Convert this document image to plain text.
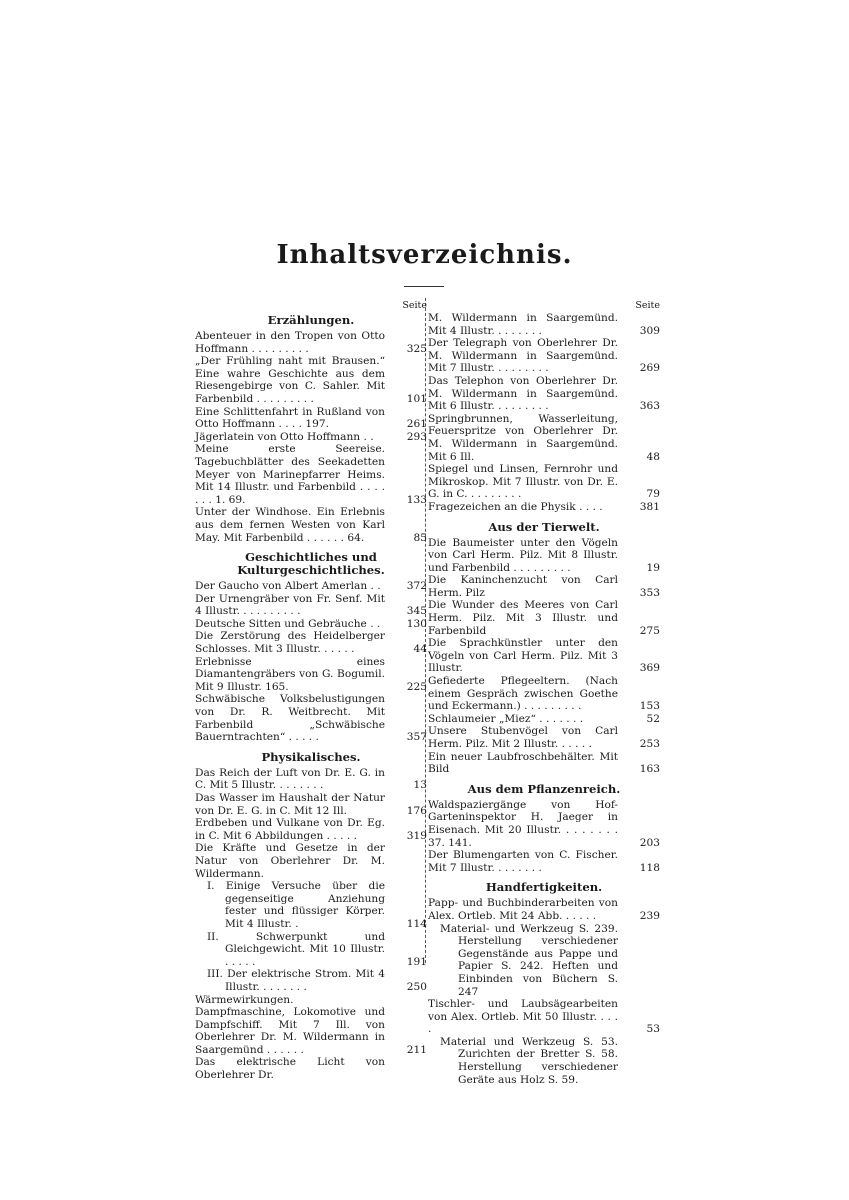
Inhaltsverzeichnis.
Seite
Erzählungen.
Abenteuer in den Tropen von Otto Hoffmann . . . . . . . . .	325
„Der Frühling naht mit Brausen.“ Eine wahre Geschichte aus dem Riesengebirge von C. Sahler. Mit Farbenbild . . . . . . . . .	101
Eine Schlittenfahrt in Rußland von Otto Hoffmann . . . . 197.	261
Jägerlatein von Otto Hoffmann . .	293
Meine erste Seereise. Tagebuchblätter des Seekadetten Meyer von Marinepfarrer Heims. Mit 14 Illustr. und Farbenbild . . . . . . . 1. 69.	133
Unter der Windhose. Ein Erlebnis aus dem fernen Westen von Karl May. Mit Farbenbild . . . . . . 64.	85
Geschichtliches und Kulturgeschichtliches.
Der Gaucho von Albert Amerlan . .	372
Der Urnengräber von Fr. Senf. Mit 4 Illustr. . . . . . . . . .	345
Deutsche Sitten und Gebräuche . .	130
Die Zerstörung des Heidelberger Schlosses. Mit 3 Illustr. . . . . .	44
Erlebnisse eines Diamantengräbers von G. Bogumil. Mit 9 Illustr. 165.	225
Schwäbische Volksbelustigungen von Dr. R. Weitbrecht. Mit Farbenbild „Schwäbische Bauerntrachten“ . . . . .	357
Physikalisches.
Das Reich der Luft von Dr. E. G. in C. Mit 5 Illustr. . . . . . . .	13
Das Wasser im Haushalt der Natur von Dr. E. G. in C. Mit 12 Ill.	176
Erdbeben und Vulkane von Dr. Eg. in C. Mit 6 Abbildungen . . . . .	319
Die Kräfte und Gesetze in der Natur von Oberlehrer Dr. M. Wildermann.
I. Einige Versuche über die gegenseitige Anziehung fester und flüssiger Körper. Mit 4 Illustr. .	114
II. Schwerpunkt und Gleichgewicht. Mit 10 Illustr. . . . . .	191
III. Der elektrische Strom. Mit 4 Illustr. . . . . . . .	250
Wärmewirkungen. Dampfmaschine, Lokomotive und Dampfschiff. Mit 7 Ill. von Oberlehrer Dr. M. Wildermann in Saargemünd . . . . . .	211
Das elektrische Licht von Oberlehrer Dr.
Seite
M. Wildermann in Saargemünd. Mit 4 Illustr. . . . . . . .	309
Der Telegraph von Oberlehrer Dr. M. Wildermann in Saargemünd. Mit 7 Illustr. . . . . . . . .	269
Das Telephon von Oberlehrer Dr. M. Wildermann in Saargemünd. Mit 6 Illustr. . . . . . . . .	363
Springbrunnen, Wasserleitung, Feuerspritze von Oberlehrer Dr. M. Wildermann in Saargemünd. Mit 6 Ill.	48
Spiegel und Linsen, Fernrohr und Mikroskop. Mit 7 Illustr. von Dr. E. G. in C. . . . . . . . .	79
Fragezeichen an die Physik . . . .	381
Aus der Tierwelt.
Die Baumeister unter den Vögeln von Carl Herm. Pilz. Mit 8 Illustr. und Farbenbild . . . . . . . . .	19
Die Kaninchenzucht von Carl Herm. Pilz	353
Die Wunder des Meeres von Carl Herm. Pilz. Mit 3 Illustr. und Farbenbild	275
Die Sprachkünstler unter den Vögeln von Carl Herm. Pilz. Mit 3 Illustr.	369
Gefiederte Pflegeeltern. (Nach einem Gespräch zwischen Goethe und Eckermann.) . . . . . . . . .	153
Schlaumeier „Miez“ . . . . . . .	52
Unsere Stubenvögel von Carl Herm. Pilz. Mit 2 Illustr. . . . . .	253
Ein neuer Laubfroschbehälter. Mit Bild	163
Aus dem Pflanzenreich.
Waldspaziergänge von Hof-Garteninspektor H. Jaeger in Eisenach. Mit 20 Illustr. . . . . . . . 37. 141.	203
Der Blumengarten von C. Fischer. Mit 7 Illustr. . . . . . . .	118
Handfertigkeiten.
Papp- und Buchbinderarbeiten von Alex. Ortleb. Mit 24 Abb. . . . . .	239
Material- und Werkzeug S. 239. Herstellung verschiedener Gegenstände aus Pappe und Papier S. 242. Heften und Einbinden von Büchern S. 247
Tischler- und Laubsägearbeiten von Alex. Ortleb. Mit 50 Illustr. . . . .	53
Material und Werkzeug S. 53. Zurichten der Bretter S. 58. Herstellung verschiedener Geräte aus Holz S. 59.
